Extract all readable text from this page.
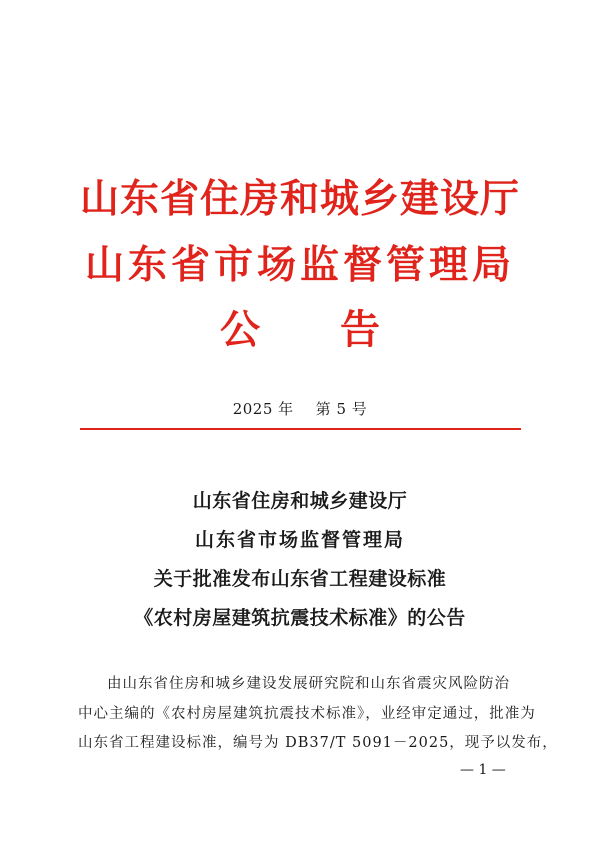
山东省住房和城乡建设厅
山东省市场监督管理局
公告
2025 年 第 5 号
山东省住房和城乡建设厅
山东省市场监督管理局
关于批准发布山东省工程建设标准
《农村房屋建筑抗震技术标准》的公告
由山东省住房和城乡建设发展研究院和山东省震灾风险防治
中心主编的《农村房屋建筑抗震技术标准》，业经审定通过，批准为
山东省工程建设标准，编号为 DB37/T 5091－2025，现予以发布，
— 1 —
